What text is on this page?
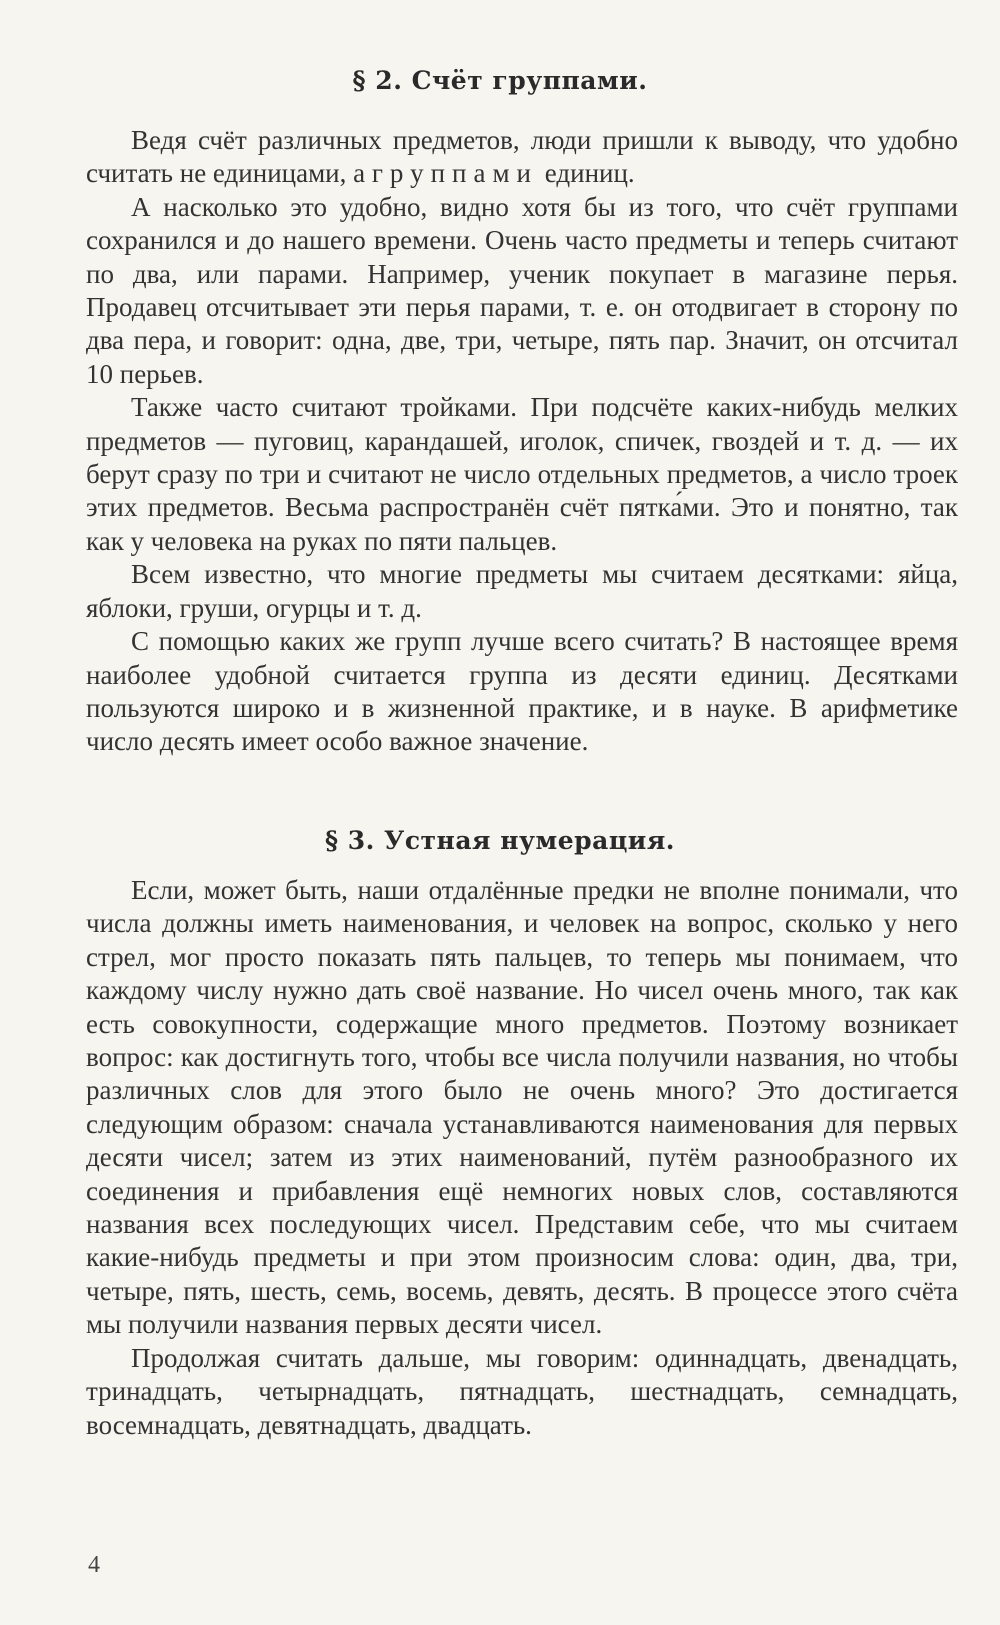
§ 2. Счёт группами.

Ведя счёт различных предметов, люди пришли к выводу, что удобно считать не единицами, а группами единиц.

А насколько это удобно, видно хотя бы из того, что счёт группами сохранился и до нашего времени. Очень часто предметы и теперь считают по два, или парами. Например, ученик покупает в магазине перья. Продавец отсчитывает эти перья парами, т. е. он отодвигает в сторону по два пера, и говорит: одна, две, три, четыре, пять пар. Значит, он отсчитал 10 перьев.

Также часто считают тройками. При подсчёте каких-нибудь мелких предметов — пуговиц, карандашей, иголок, спичек, гвоздей и т. д. — их берут сразу по три и считают не число отдельных предметов, а число троек этих предметов. Весьма распространён счёт пятка́ми. Это и понятно, так как у человека на руках по пяти пальцев.

Всем известно, что многие предметы мы считаем десятками: яйца, яблоки, груши, огурцы и т. д.

С помощью каких же групп лучше всего считать? В настоящее время наиболее удобной считается группа из десяти единиц. Десятками пользуются широко и в жизненной практике, и в науке. В арифметике число десять имеет особо важное значение.

§ 3. Устная нумерация.

Если, может быть, наши отдалённые предки не вполне понимали, что числа должны иметь наименования, и человек на вопрос, сколько у него стрел, мог просто показать пять пальцев, то теперь мы понимаем, что каждому числу нужно дать своё название. Но чисел очень много, так как есть совокупности, содержащие много предметов. Поэтому возникает вопрос: как достигнуть того, чтобы все числа получили названия, но чтобы различных слов для этого было не очень много? Это достигается следующим образом: сначала устанавливаются наименования для первых десяти чисел; затем из этих наименований, путём разнообразного их соединения и прибавления ещё немногих новых слов, составляются названия всех последующих чисел. Представим себе, что мы считаем какие-нибудь предметы и при этом произносим слова: один, два, три, четыре, пять, шесть, семь, восемь, девять, десять. В процессе этого счёта мы получили названия первых десяти чисел.

Продолжая считать дальше, мы говорим: одиннадцать, двенадцать, тринадцать, четырнадцать, пятнадцать, шестнадцать, семнадцать, восемнадцать, девятнадцать, двадцать.

4
